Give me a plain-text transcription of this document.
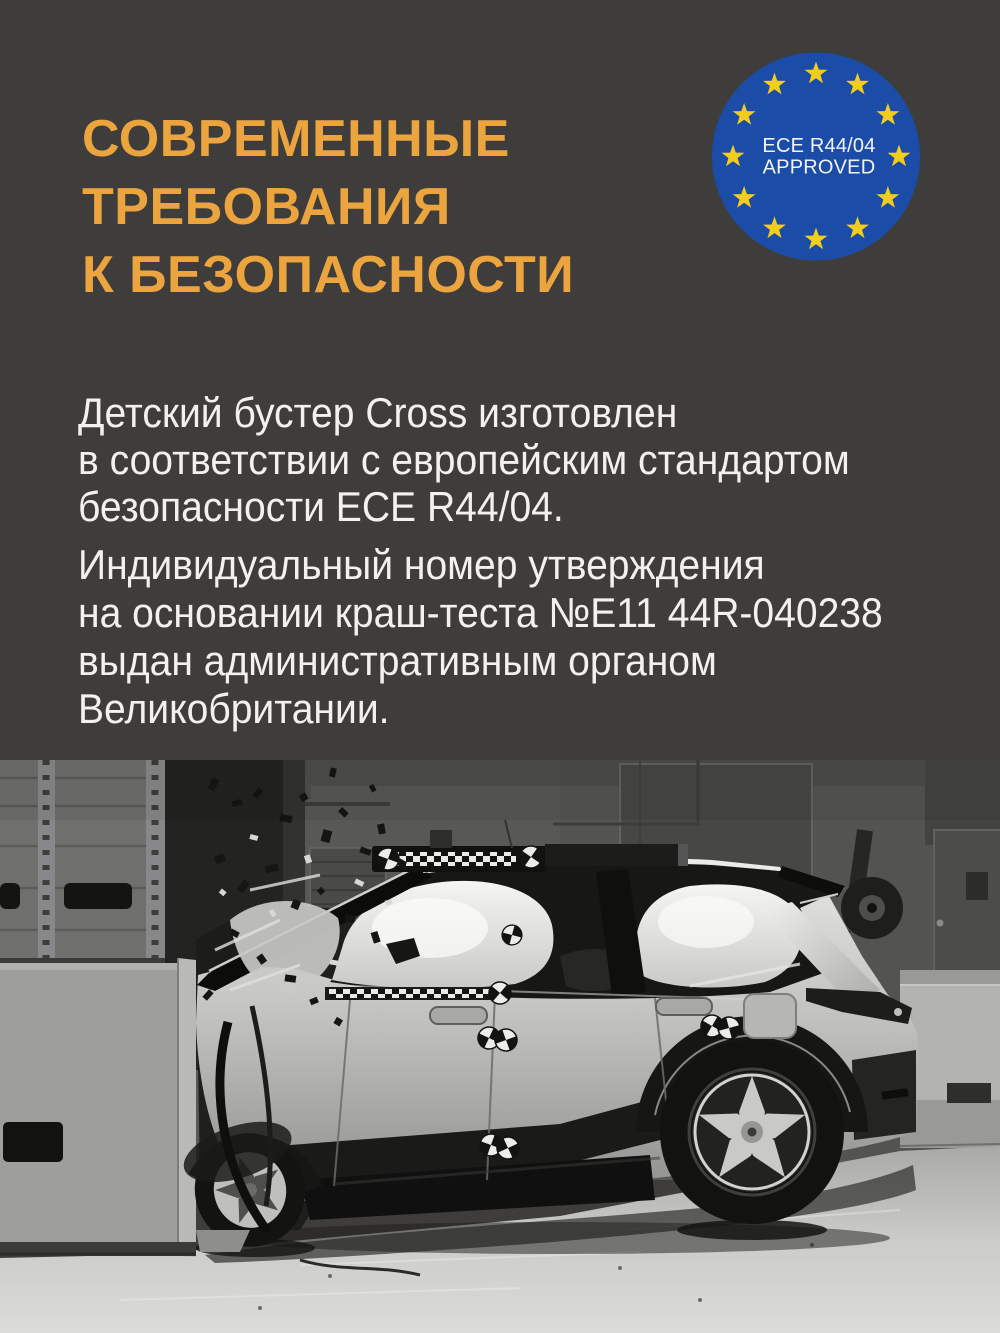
СОВРЕМЕННЫЕ
ТРЕБОВАНИЯ
К БЕЗОПАСНОСТИ
ECE R44/04
APPROVED

Детский бустер Cross изготовлен
в соответствии с европейским стандартом
безопасности ECE R44/04.

Индивидуальный номер утверждения
на основании краш-теста №Е11 44R-040238
выдан административным органом
Великобритании.
